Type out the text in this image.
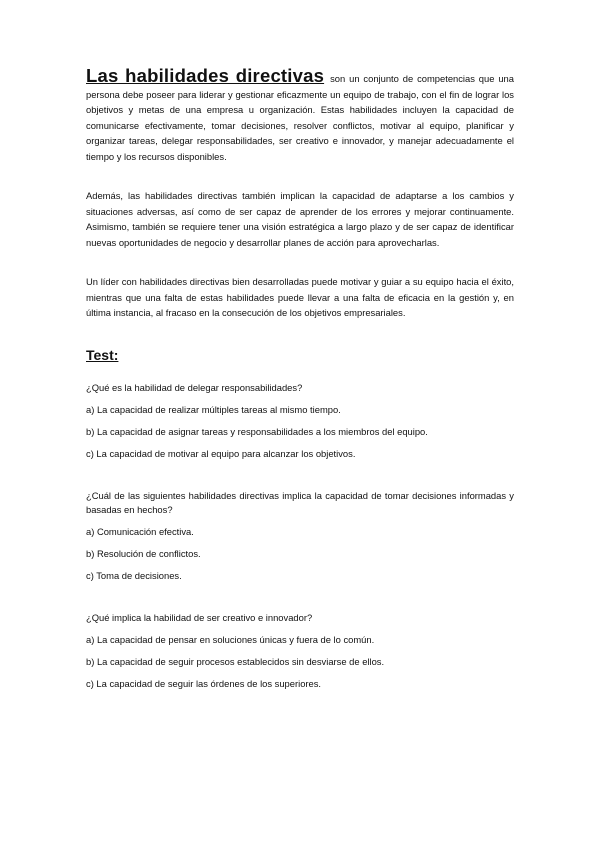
Las habilidades directivas son un conjunto de competencias que una persona debe poseer para liderar y gestionar eficazmente un equipo de trabajo, con el fin de lograr los objetivos y metas de una empresa u organización. Estas habilidades incluyen la capacidad de comunicarse efectivamente, tomar decisiones, resolver conflictos, motivar al equipo, planificar y organizar tareas, delegar responsabilidades, ser creativo e innovador, y manejar adecuadamente el tiempo y los recursos disponibles.

Además, las habilidades directivas también implican la capacidad de adaptarse a los cambios y situaciones adversas, así como de ser capaz de aprender de los errores y mejorar continuamente. Asimismo, también se requiere tener una visión estratégica a largo plazo y de ser capaz de identificar nuevas oportunidades de negocio y desarrollar planes de acción para aprovecharlas.

Un líder con habilidades directivas bien desarrolladas puede motivar y guiar a su equipo hacia el éxito, mientras que una falta de estas habilidades puede llevar a una falta de eficacia en la gestión y, en última instancia, al fracaso en la consecución de los objetivos empresariales.

Test:

¿Qué es la habilidad de delegar responsabilidades?

a) La capacidad de realizar múltiples tareas al mismo tiempo.

b) La capacidad de asignar tareas y responsabilidades a los miembros del equipo.

c) La capacidad de motivar al equipo para alcanzar los objetivos.

¿Cuál de las siguientes habilidades directivas implica la capacidad de tomar decisiones informadas y basadas en hechos?

a) Comunicación efectiva.

b) Resolución de conflictos.

c) Toma de decisiones.

¿Qué implica la habilidad de ser creativo e innovador?

a) La capacidad de pensar en soluciones únicas y fuera de lo común.

b) La capacidad de seguir procesos establecidos sin desviarse de ellos.

c) La capacidad de seguir las órdenes de los superiores.
